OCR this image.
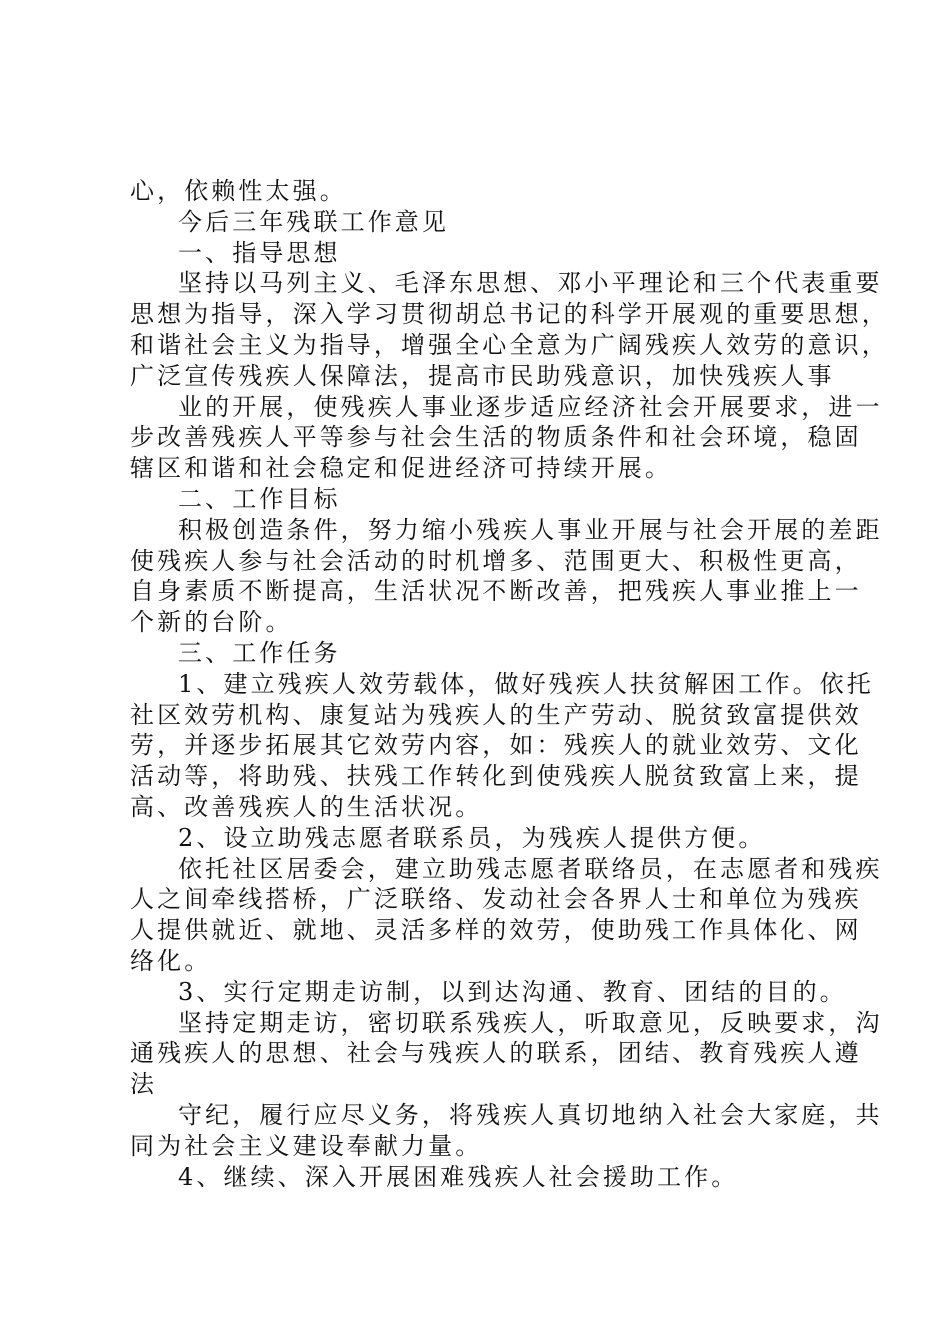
心，依赖性太强。

今后三年残联工作意见

一、指导思想

坚持以马列主义、毛泽东思想、邓小平理论和三个代表重要

思想为指导，深入学习贯彻胡总书记的科学开展观的重要思想，

和谐社会主义为指导，增强全心全意为广阔残疾人效劳的意识，

广泛宣传残疾人保障法，提高市民助残意识，加快残疾人事

业的开展，使残疾人事业逐步适应经济社会开展要求，进一

步改善残疾人平等参与社会生活的物质条件和社会环境，稳固

辖区和谐和社会稳定和促进经济可持续开展。

二、工作目标

积极创造条件，努力缩小残疾人事业开展与社会开展的差距

使残疾人参与社会活动的时机增多、范围更大、积极性更高，

自身素质不断提高，生活状况不断改善，把残疾人事业推上一

个新的台阶。

三、工作任务

1、建立残疾人效劳载体，做好残疾人扶贫解困工作。依托

社区效劳机构、康复站为残疾人的生产劳动、脱贫致富提供效

劳，并逐步拓展其它效劳内容，如：残疾人的就业效劳、文化

活动等，将助残、扶残工作转化到使残疾人脱贫致富上来，提

高、改善残疾人的生活状况。

2、设立助残志愿者联系员，为残疾人提供方便。

依托社区居委会，建立助残志愿者联络员，在志愿者和残疾

人之间牵线搭桥，广泛联络、发动社会各界人士和单位为残疾

人提供就近、就地、灵活多样的效劳，使助残工作具体化、网

络化。

3、实行定期走访制，以到达沟通、教育、团结的目的。

坚持定期走访，密切联系残疾人，听取意见，反映要求，沟

通残疾人的思想、社会与残疾人的联系，团结、教育残疾人遵

法

守纪，履行应尽义务，将残疾人真切地纳入社会大家庭，共

同为社会主义建设奉献力量。

4、继续、深入开展困难残疾人社会援助工作。
